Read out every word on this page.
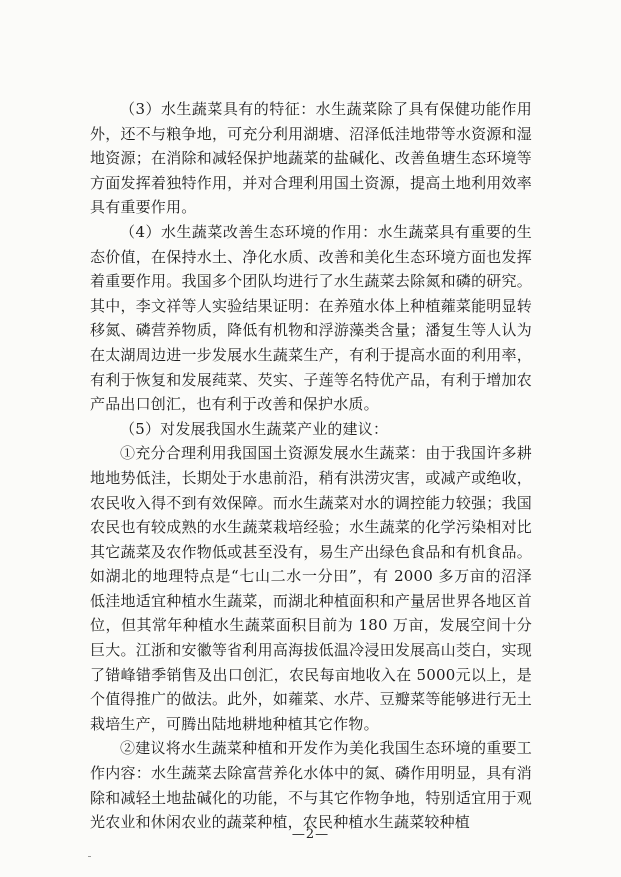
（3）水生蔬菜具有的特征：水生蔬菜除了具有保健功能作用外，还不与粮争地，可充分利用湖塘、沼泽低洼地带等水资源和湿地资源；在消除和减轻保护地蔬菜的盐碱化、改善鱼塘生态环境等方面发挥着独特作用，并对合理利用国土资源，提高土地利用效率具有重要作用。

（4）水生蔬菜改善生态环境的作用：水生蔬菜具有重要的生态价值，在保持水土、净化水质、改善和美化生态环境方面也发挥着重要作用。我国多个团队均进行了水生蔬菜去除氮和磷的研究。其中，李文祥等人实验结果证明：在养殖水体上种植蕹菜能明显转移氮、磷营养物质，降低有机物和浮游藻类含量；潘复生等人认为在太湖周边进一步发展水生蔬菜生产，有利于提高水面的利用率，有利于恢复和发展莼菜、芡实、子莲等名特优产品，有利于增加农产品出口创汇，也有利于改善和保护水质。

（5）对发展我国水生蔬菜产业的建议：

①充分合理利用我国国土资源发展水生蔬菜：由于我国许多耕地地势低洼，长期处于水患前沿，稍有洪涝灾害，或减产或绝收，农民收入得不到有效保障。而水生蔬菜对水的调控能力较强；我国农民也有较成熟的水生蔬菜栽培经验；水生蔬菜的化学污染相对比其它蔬菜及农作物低或甚至没有，易生产出绿色食品和有机食品。如湖北的地理特点是“七山二水一分田”，有 2000 多万亩的沼泽低洼地适宜种植水生蔬菜，而湖北种植面积和产量居世界各地区首位，但其常年种植水生蔬菜面积目前为 180 万亩，发展空间十分巨大。江浙和安徽等省利用高海拔低温冷浸田发展高山茭白，实现了错峰错季销售及出口创汇，农民每亩地收入在 5000元以上，是个值得推广的做法。此外，如蕹菜、水芹、豆瓣菜等能够进行无土栽培生产，可腾出陆地耕地种植其它作物。

②建议将水生蔬菜种植和开发作为美化我国生态环境的重要工作内容：水生蔬菜去除富营养化水体中的氮、磷作用明显，具有消除和减轻土地盐碱化的功能，不与其它作物争地，特别适宜用于观光农业和休闲农业的蔬菜种植，农民种植水生蔬菜较种植

—2—
